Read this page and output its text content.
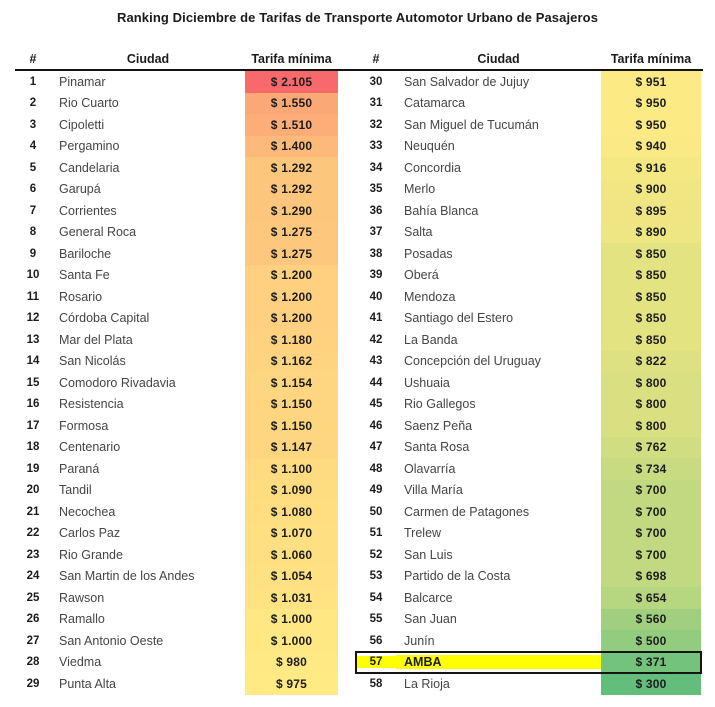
Ranking Diciembre de Tarifas de Transporte Automotor Urbano de Pasajeros
#	Ciudad	Tarifa mínima	#	Ciudad	Tarifa mínima
1	Pinamar	$ 2.105
2	Rio Cuarto	$ 1.550
3	Cipoletti	$ 1.510
4	Pergamino	$ 1.400
5	Candelaria	$ 1.292
6	Garupá	$ 1.292
7	Corrientes	$ 1.290
8	General Roca	$ 1.275
9	Bariloche	$ 1.275
10	Santa Fe	$ 1.200
11	Rosario	$ 1.200
12	Córdoba Capital	$ 1.200
13	Mar del Plata	$ 1.180
14	San Nicolás	$ 1.162
15	Comodoro Rivadavia	$ 1.154
16	Resistencia	$ 1.150
17	Formosa	$ 1.150
18	Centenario	$ 1.147
19	Paraná	$ 1.100
20	Tandil	$ 1.090
21	Necochea	$ 1.080
22	Carlos Paz	$ 1.070
23	Rio Grande	$ 1.060
24	San Martin de los Andes	$ 1.054
25	Rawson	$ 1.031
26	Ramallo	$ 1.000
27	San Antonio Oeste	$ 1.000
28	Viedma	$ 980
29	Punta Alta	$ 975
30	San Salvador de Jujuy	$ 951
31	Catamarca	$ 950
32	San Miguel de Tucumán	$ 950
33	Neuquén	$ 940
34	Concordia	$ 916
35	Merlo	$ 900
36	Bahía Blanca	$ 895
37	Salta	$ 890
38	Posadas	$ 850
39	Oberá	$ 850
40	Mendoza	$ 850
41	Santiago del Estero	$ 850
42	La Banda	$ 850
43	Concepción del Uruguay	$ 822
44	Ushuaia	$ 800
45	Rio Gallegos	$ 800
46	Saenz Peña	$ 800
47	Santa Rosa	$ 762
48	Olavarría	$ 734
49	Villa María	$ 700
50	Carmen de Patagones	$ 700
51	Trelew	$ 700
52	San Luis	$ 700
53	Partido de la Costa	$ 698
54	Balcarce	$ 654
55	San Juan	$ 560
56	Junín	$ 500
57	AMBA	$ 371
58	La Rioja	$ 300
